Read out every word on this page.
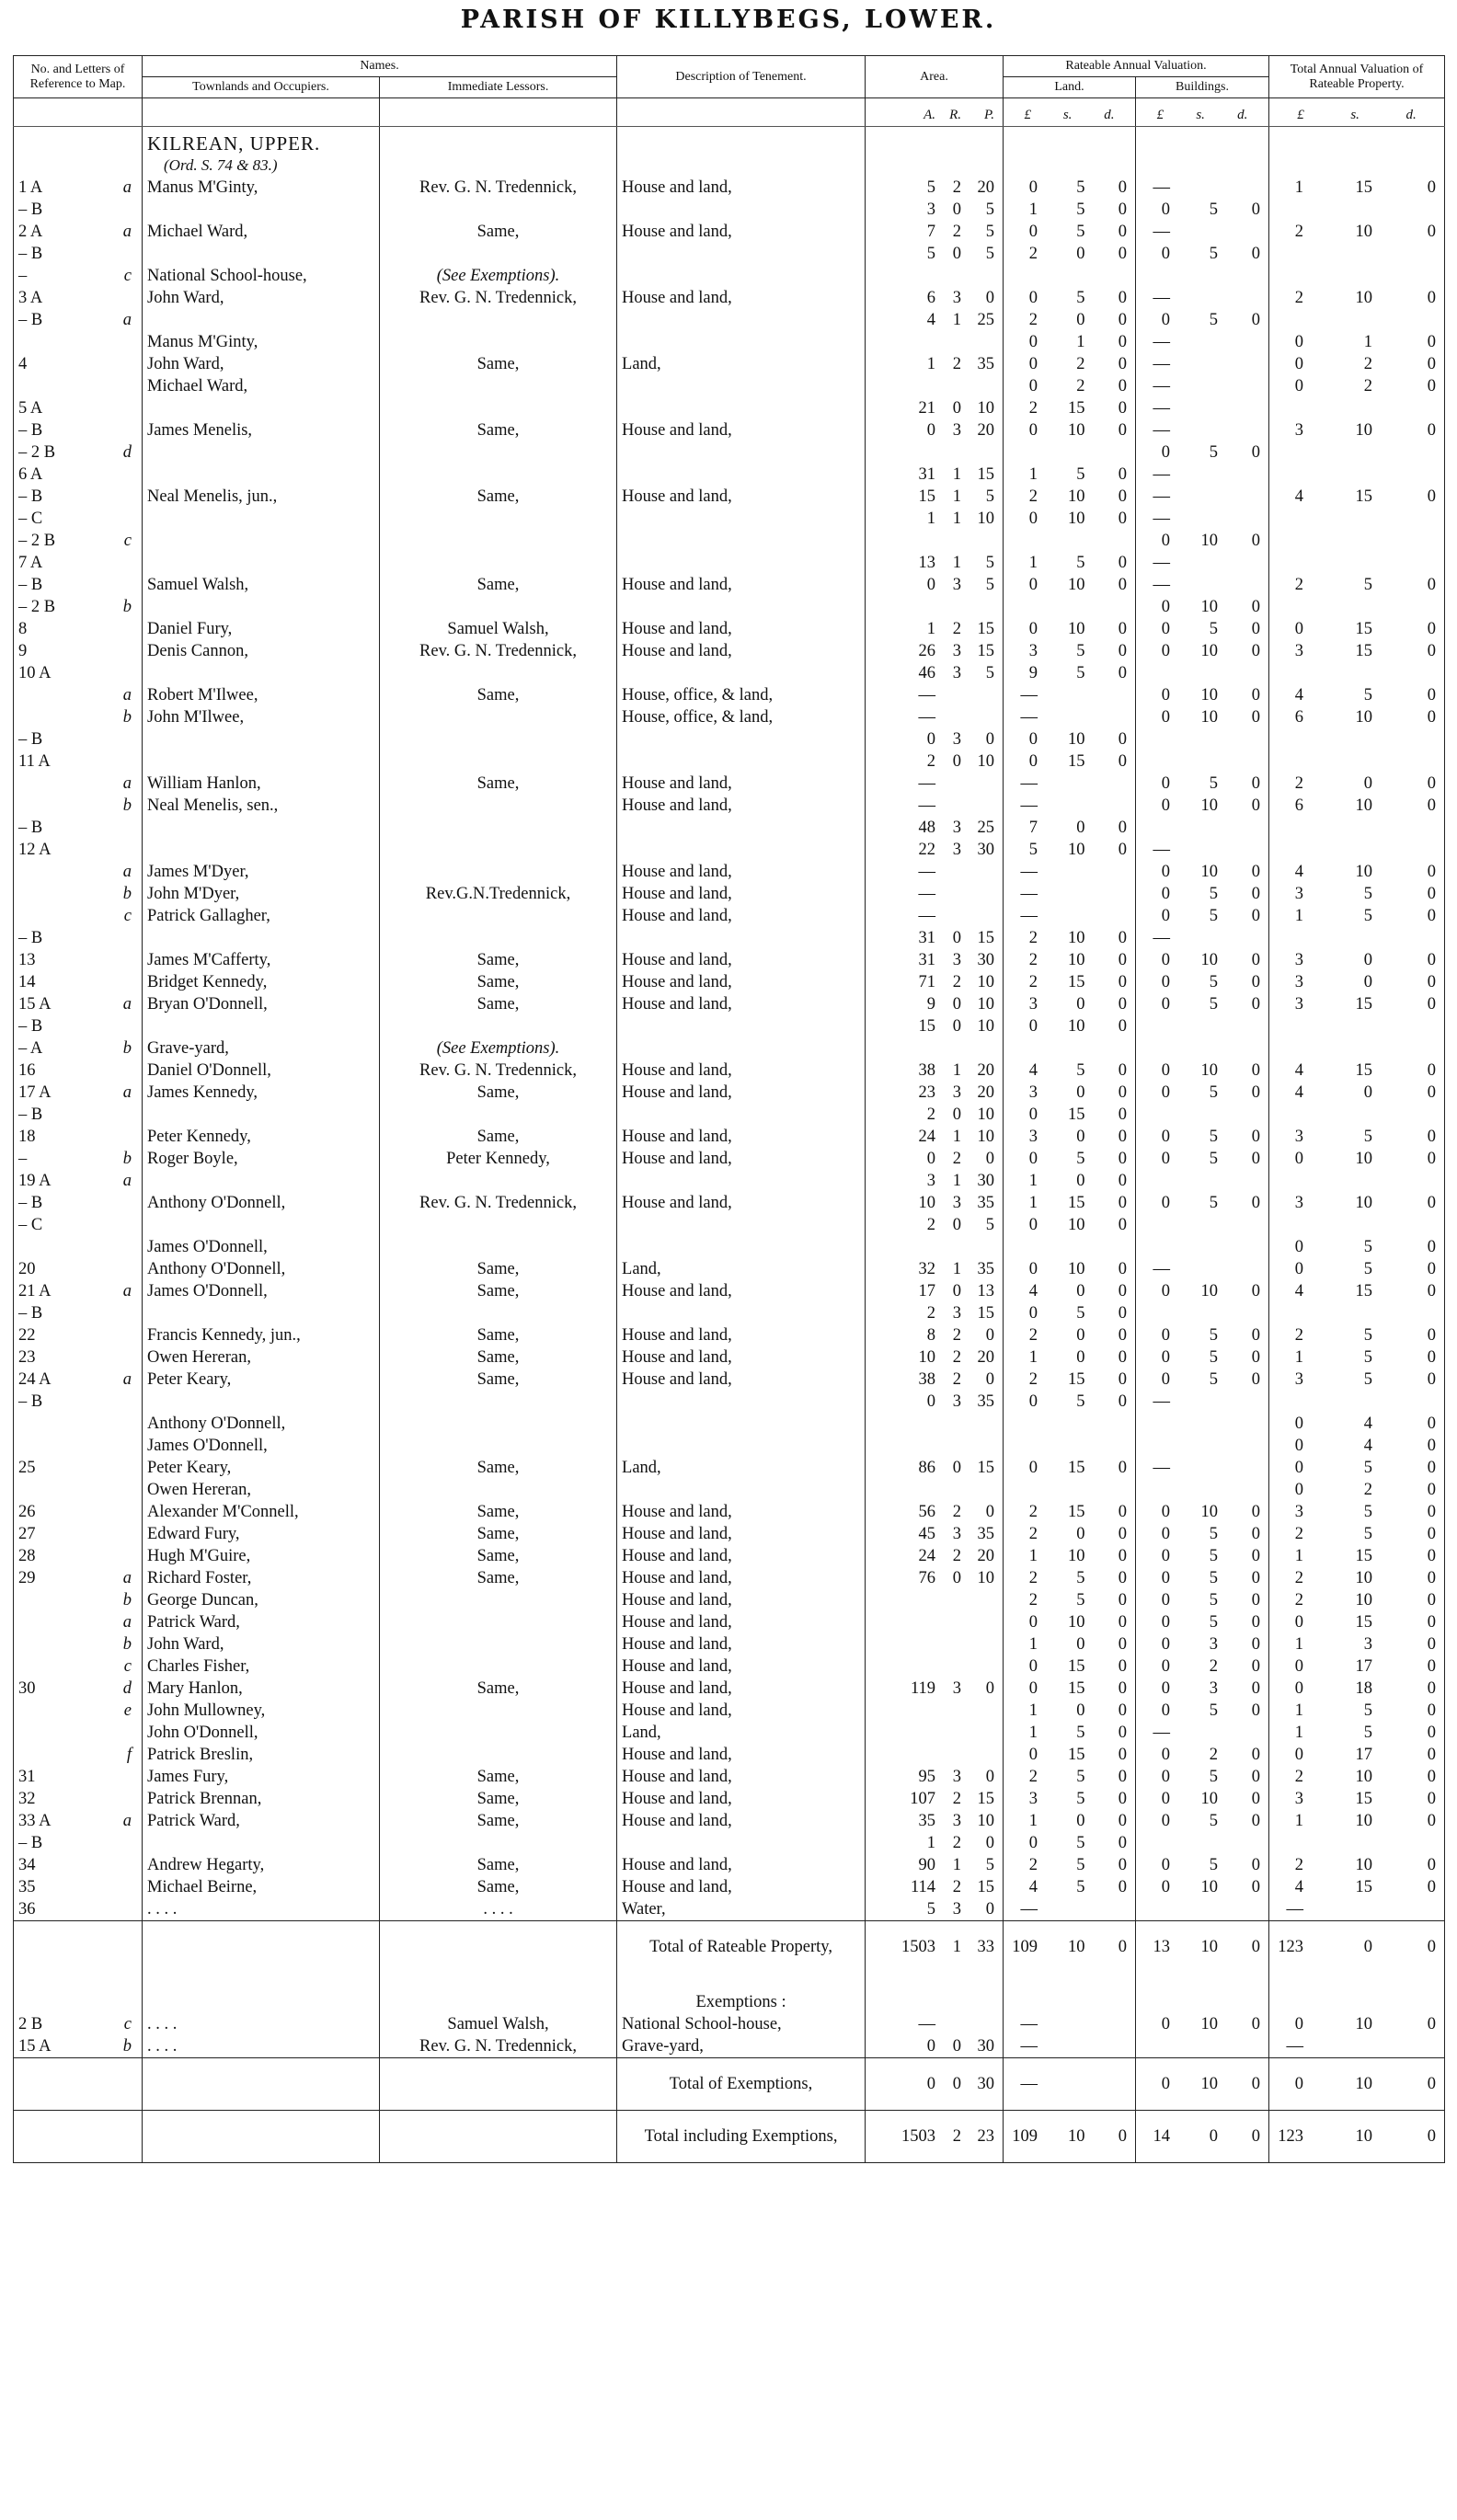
PARISH OF KILLYBEGS, LOWER.
No. and Letters of Reference to Map.	Names.		Description of Tenement.	Area.	Rateable Annual Valuation.		Total Annual Valuation of Rateable Property.
	Townlands and Occupiers.	Immediate Lessors.			Land.	Buildings.	

				A. R. P.	£ s. d.	£ s. d.	£ s. d.

	KILREAN, UPPER.
(Ord. S. 74 & 83.)						

1 A a	Manus M'Ginty,	Rev. G. N. Tredennick,	House and land,	5 2 20	0 5 0	—	1 15 0

– B				3 0 5	1 5 0	0 5 0	

2 A a	Michael Ward,	Same,	House and land,	7 2 5	0 5 0	—	2 10 0

– B				5 0 5	2 0 0	0 5 0	

– c	National School-house,	(See Exemptions).		

3 A	John Ward,	Rev. G. N. Tredennick,	House and land,	6 3 0	0 5 0	—	2 10 0

– B a				4 1 25	2 0 0	0 5 0	

	Manus M'Ginty,				0 1 0	—	0 1 0

4	John Ward,	Same,	Land,	1 2 35	0 2 0	—	0 2 0

	Michael Ward,				0 2 0	—	0 2 0

5 A				21 0 10	2 15 0	—	

– B	James Menelis,	Same,	House and land,	0 3 20	0 10 0	—	3 10 0

– 2 B d						0 5 0	

6 A				31 1 15	1 5 0	—	

– B	Neal Menelis, jun.,	Same,	House and land,	15 1 5	2 10 0	—	4 15 0

– C				1 1 10	0 10 0	—	

– 2 B c						0 10 0	

7 A				13 1 5	1 5 0	—	

– B	Samuel Walsh,	Same,	House and land,	0 3 5	0 10 0	—	2 5 0

– 2 B b						0 10 0	

8	Daniel Fury,	Samuel Walsh,	House and land,	1 2 15	0 10 0	0 5 0	0 15 0

9	Denis Cannon,	Rev. G. N. Tredennick,	House and land,	26 3 15	3 5 0	0 10 0	3 15 0

10 A				46 3 5	9 5 0		

a	Robert M'Ilwee,	Same,	House, office, & land,	—	—	0 10 0	4 5 0

b	John M'Ilwee,		House, office, & land,	—	—	0 10 0	6 10 0

– B				0 3 0	0 10 0		

11 A				2 0 10	0 15 0		

a	William Hanlon,	Same,	House and land,	—	—	0 5 0	2 0 0

b	Neal Menelis, sen.,		House and land,	—	—	0 10 0	6 10 0

– B				48 3 25	7 0 0		

12 A				22 3 30	5 10 0	—	

a	James M'Dyer,		House and land,	—	—	0 10 0	4 10 0

b	John M'Dyer,	Rev.G.N.Tredennick,	House and land,	—	—	0 5 0	3 5 0

c	Patrick Gallagher,		House and land,	—	—	0 5 0	1 5 0

– B				31 0 15	2 10 0	—	

13	James M'Cafferty,	Same,	House and land,	31 3 30	2 10 0	0 10 0	3 0 0

14	Bridget Kennedy,	Same,	House and land,	71 2 10	2 15 0	0 5 0	3 0 0

15 A a	Bryan O'Donnell,	Same,	House and land,	9 0 10	3 0 0	0 5 0	3 15 0

– B				15 0 10	0 10 0		

– A b	Grave-yard,	(See Exemptions).		

16	Daniel O'Donnell,	Rev. G. N. Tredennick,	House and land,	38 1 20	4 5 0	0 10 0	4 15 0

17 A a	James Kennedy,	Same,	House and land,	23 3 20	3 0 0	0 5 0	4 0 0

– B				2 0 10	0 15 0		

18	Peter Kennedy,	Same,	House and land,	24 1 10	3 0 0	0 5 0	3 5 0

– b	Roger Boyle,	Peter Kennedy,	House and land,	0 2 0	0 5 0	0 5 0	0 10 0

19 A a				3 1 30	1 0 0		

– B	Anthony O'Donnell,	Rev. G. N. Tredennick,	House and land,	10 3 35	1 15 0	0 5 0	3 10 0

– C				2 0 5	0 10 0		

	James O'Donnell,						0 5 0

20	Anthony O'Donnell,	Same,	Land,	32 1 35	0 10 0	—	0 5 0

21 A a	James O'Donnell,	Same,	House and land,	17 0 13	4 0 0	0 10 0	4 15 0

– B				2 3 15	0 5 0		

22	Francis Kennedy, jun.,	Same,	House and land,	8 2 0	2 0 0	0 5 0	2 5 0

23	Owen Hereran,	Same,	House and land,	10 2 20	1 0 0	0 5 0	1 5 0

24 A a	Peter Keary,	Same,	House and land,	38 2 0	2 15 0	0 5 0	3 5 0

– B				0 3 35	0 5 0	—	

	Anthony O'Donnell,						0 4 0

	James O'Donnell,						0 4 0

25	Peter Keary,	Same,	Land,	86 0 15	0 15 0	—	0 5 0

	Owen Hereran,						0 2 0

26	Alexander M'Connell,	Same,	House and land,	56 2 0	2 15 0	0 10 0	3 5 0

27	Edward Fury,	Same,	House and land,	45 3 35	2 0 0	0 5 0	2 5 0

28	Hugh M'Guire,	Same,	House and land,	24 2 20	1 10 0	0 5 0	1 15 0

29 a	Richard Foster,	Same,	House and land,	76 0 10	2 5 0	0 5 0	2 10 0

b	George Duncan,		House and land,		2 5 0	0 5 0	2 10 0

a	Patrick Ward,		House and land,		0 10 0	0 5 0	0 15 0

b	John Ward,		House and land,		1 0 0	0 3 0	1 3 0

c	Charles Fisher,		House and land,		0 15 0	0 2 0	0 17 0

30 d	Mary Hanlon,	Same,	House and land,	119 3 0	0 15 0	0 3 0	0 18 0

e	John Mullowney,		House and land,		1 0 0	0 5 0	1 5 0

	John O'Donnell,		Land,		1 5 0	—	1 5 0

f	Patrick Breslin,		House and land,		0 15 0	0 2 0	0 17 0

31	James Fury,	Same,	House and land,	95 3 0	2 5 0	0 5 0	2 10 0

32	Patrick Brennan,	Same,	House and land,	107 2 15	3 5 0	0 10 0	3 15 0

33 A a	Patrick Ward,	Same,	House and land,	35 3 10	1 0 0	0 5 0	1 10 0

– B				1 2 0	0 5 0		

34	Andrew Hegarty,	Same,	House and land,	90 1 5	2 5 0	0 5 0	2 10 0

35	Michael Beirne,	Same,	House and land,	114 2 15	4 5 0	0 10 0	4 15 0

36	. . . .	. . . .	Water,	5 3 0	—		—

			Total of Rateable Property,	1503 1 33	109 10 0	13 10 0	123 0 0

			Exemptions :				

2 B c	. . . .	Samuel Walsh,	National School-house,	—	—	0 10 0	0 10 0

15 A b	. . . .	Rev. G. N. Tredennick,	Grave-yard,	0 0 30	—		—

			Total of Exemptions,	0 0 30	—	0 10 0	0 10 0

			Total including Exemptions,	1503 2 23	109 10 0	14 0 0	123 10 0
